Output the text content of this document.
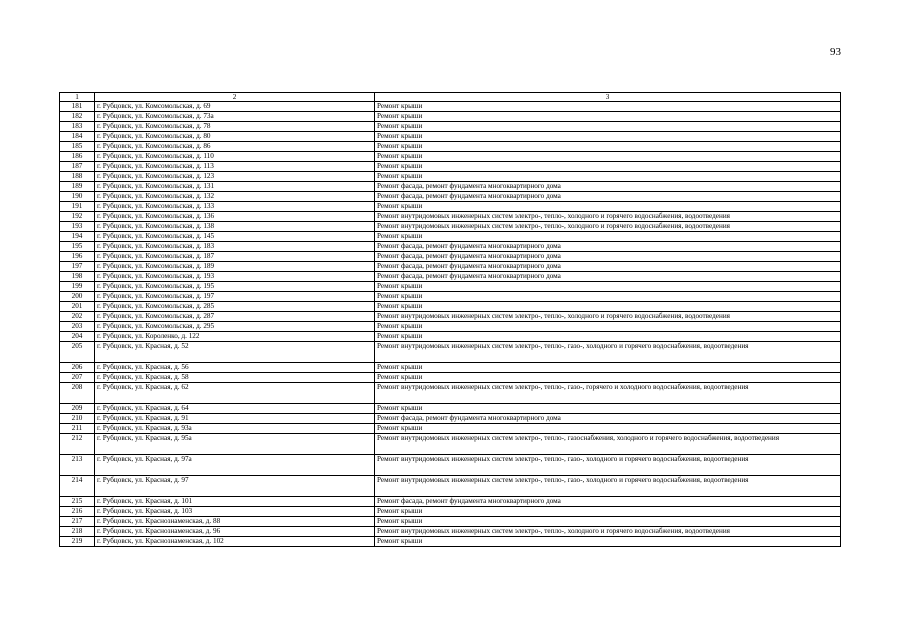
93
1	2	3
181	г. Рубцовск, ул. Комсомольская, д. 69	Ремонт крыши
182	г. Рубцовск, ул. Комсомольская, д. 73а	Ремонт крыши
183	г. Рубцовск, ул. Комсомольская, д. 78	Ремонт крыши
184	г. Рубцовск, ул. Комсомольская, д. 80	Ремонт крыши
185	г. Рубцовск, ул. Комсомольская, д. 86	Ремонт крыши
186	г. Рубцовск, ул. Комсомольская, д. 110	Ремонт крыши
187	г. Рубцовск, ул. Комсомольская, д. 113	Ремонт крыши
188	г. Рубцовск, ул. Комсомольская, д. 123	Ремонт крыши
189	г. Рубцовск, ул. Комсомольская, д. 131	Ремонт фасада, ремонт фундамента многоквартирного дома
190	г. Рубцовск, ул. Комсомольская, д. 132	Ремонт фасада, ремонт фундамента многоквартирного дома
191	г. Рубцовск, ул. Комсомольская, д. 133	Ремонт крыши
192	г. Рубцовск, ул. Комсомольская, д. 136	Ремонт внутридомовых инженерных систем электро-, тепло-, холодного и горячего водоснабжения, водоотведения
193	г. Рубцовск, ул. Комсомольская, д. 138	Ремонт внутридомовых инженерных систем электро-, тепло-, холодного и горячего водоснабжения, водоотведения
194	г. Рубцовск, ул. Комсомольская, д. 145	Ремонт крыши
195	г. Рубцовск, ул. Комсомольская, д. 183	Ремонт фасада, ремонт фундамента многоквартирного дома
196	г. Рубцовск, ул. Комсомольская, д. 187	Ремонт фасада, ремонт фундамента многоквартирного дома
197	г. Рубцовск, ул. Комсомольская, д. 189	Ремонт фасада, ремонт фундамента многоквартирного дома
198	г. Рубцовск, ул. Комсомольская, д. 193	Ремонт фасада, ремонт фундамента многоквартирного дома
199	г. Рубцовск, ул. Комсомольская, д. 195	Ремонт крыши
200	г. Рубцовск, ул. Комсомольская, д. 197	Ремонт крыши
201	г. Рубцовск, ул. Комсомольская, д. 285	Ремонт крыши
202	г. Рубцовск, ул. Комсомольская, д. 287	Ремонт внутридомовых инженерных систем электро-, тепло-, холодного и горячего водоснабжения, водоотведения
203	г. Рубцовск, ул. Комсомольская, д. 295	Ремонт крыши
204	г. Рубцовск, ул. Короленко, д. 122	Ремонт крыши
205	г. Рубцовск, ул. Красная, д. 52	Ремонт внутридомовых инженерных систем электро-, тепло-, газо-, холодного и горячего водоснабжения, водоотведения
206	г. Рубцовск, ул. Красная, д. 56	Ремонт крыши
207	г. Рубцовск, ул. Красная, д. 58	Ремонт крыши
208	г. Рубцовск, ул. Красная, д. 62	Ремонт внутридомовых инженерных систем электро-, тепло-, газо-, горячего и холодного водоснабжения, водоотведения
209	г. Рубцовск, ул. Красная, д. 64	Ремонт крыши
210	г. Рубцовск, ул. Красная, д. 91	Ремонт фасада, ремонт фундамента многоквартирного дома
211	г. Рубцовск, ул. Красная, д. 93а	Ремонт крыши
212	г. Рубцовск, ул. Красная, д. 95а	Ремонт внутридомовых инженерных систем электро-, тепло-, газоснабжения, холодного и горячего водоснабжения, водоотведения
213	г. Рубцовск, ул. Красная, д. 97а	Ремонт внутридомовых инженерных систем электро-, тепло-, газо-, холодного и горячего водоснабжения, водоотведения
214	г. Рубцовск, ул. Красная, д. 97	Ремонт внутридомовых инженерных систем электро-, тепло-, газо-, холодного и горячего водоснабжения, водоотведения
215	г. Рубцовск, ул. Красная, д. 101	Ремонт фасада, ремонт фундамента многоквартирного дома
216	г. Рубцовск, ул. Красная, д. 103	Ремонт крыши
217	г. Рубцовск, ул. Краснознаменская, д. 88	Ремонт крыши
218	г. Рубцовск, ул. Краснознаменская, д. 96	Ремонт внутридомовых инженерных систем электро-, тепло-, холодного и горячего водоснабжения, водоотведения
219	г. Рубцовск, ул. Краснознаменская, д. 102	Ремонт крыши
